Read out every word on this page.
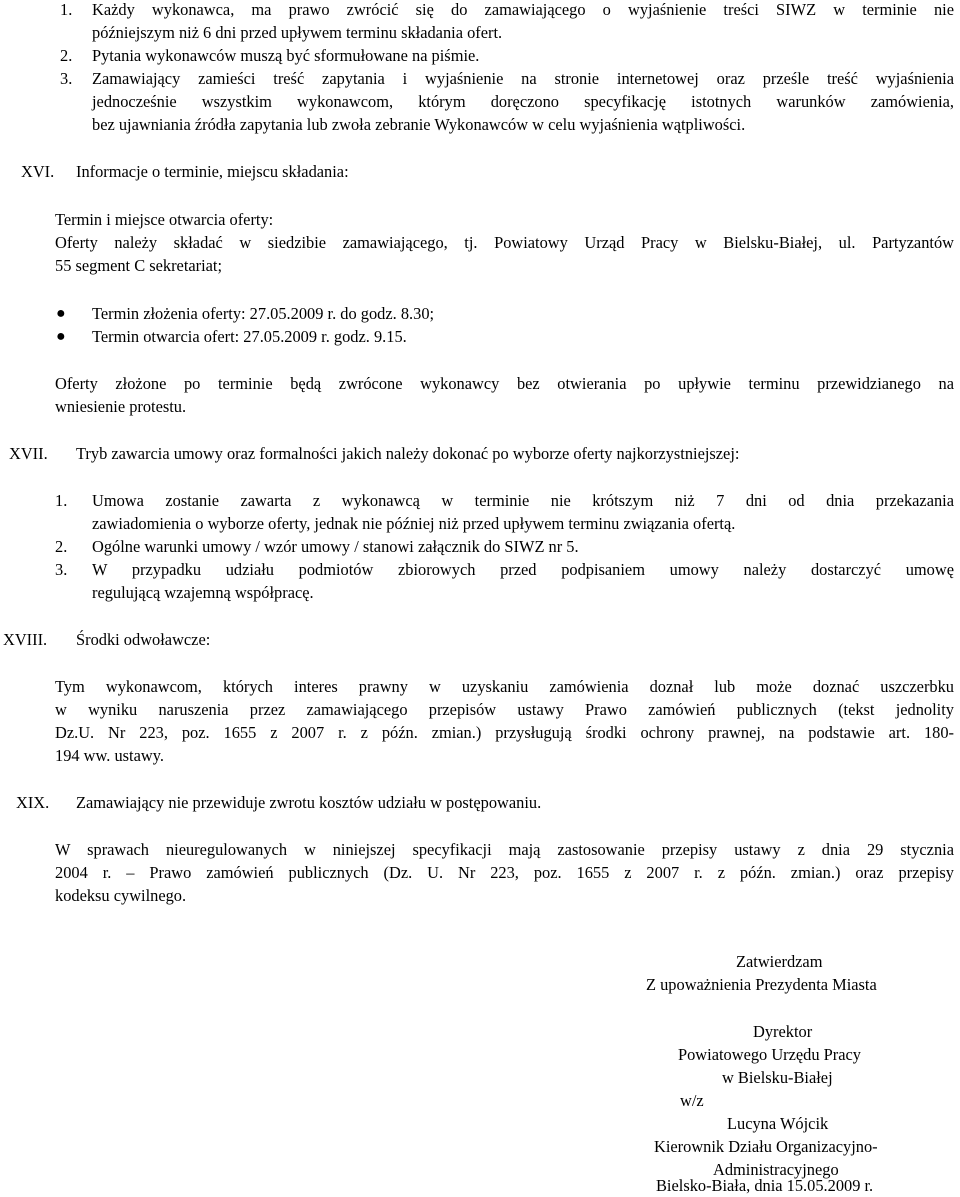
1. Każdy wykonawca, ma prawo zwrócić się do zamawiającego o wyjaśnienie treści SIWZ w terminie nie
późniejszym niż 6 dni przed upływem terminu składania ofert.
2. Pytania wykonawców muszą być sformułowane na piśmie.
3. Zamawiający zamieści treść zapytania i wyjaśnienie na stronie internetowej oraz prześle treść wyjaśnienia
jednocześnie wszystkim wykonawcom, którym doręczono specyfikację istotnych warunków zamówienia,
bez ujawniania źródła zapytania lub zwoła zebranie Wykonawców w celu wyjaśnienia wątpliwości.
XVI. Informacje o terminie, miejscu składania:
Termin i miejsce otwarcia oferty:
Oferty należy składać w siedzibie zamawiającego, tj. Powiatowy Urząd Pracy w Bielsku-Białej, ul. Partyzantów
55 segment C sekretariat;
● Termin złożenia oferty: 27.05.2009 r. do godz. 8.30;
● Termin otwarcia ofert: 27.05.2009 r. godz. 9.15.
Oferty złożone po terminie będą zwrócone wykonawcy bez otwierania po upływie terminu przewidzianego na
wniesienie protestu.
XVII. Tryb zawarcia umowy oraz formalności jakich należy dokonać po wyborze oferty najkorzystniejszej:
1. Umowa zostanie zawarta z wykonawcą w terminie nie krótszym niż 7 dni od dnia przekazania
zawiadomienia o wyborze oferty, jednak nie później niż przed upływem terminu związania ofertą.
2. Ogólne warunki umowy / wzór umowy / stanowi załącznik do SIWZ nr 5.
3. W przypadku udziału podmiotów zbiorowych przed podpisaniem umowy należy dostarczyć umowę
regulującą wzajemną współpracę.
XVIII. Środki odwoławcze:
Tym wykonawcom, których interes prawny w uzyskaniu zamówienia doznał lub może doznać uszczerbku
w wyniku naruszenia przez zamawiającego przepisów ustawy Prawo zamówień publicznych (tekst jednolity
Dz.U. Nr 223, poz. 1655 z 2007 r. z późn. zmian.) przysługują środki ochrony prawnej, na podstawie art. 180-
194 ww. ustawy.
XIX. Zamawiający nie przewiduje zwrotu kosztów udziału w postępowaniu.
W sprawach nieuregulowanych w niniejszej specyfikacji mają zastosowanie przepisy ustawy z dnia 29 stycznia
2004 r. – Prawo zamówień publicznych (Dz. U. Nr 223, poz. 1655 z 2007 r. z późn. zmian.) oraz przepisy
kodeksu cywilnego.
Zatwierdzam
Z upoważnienia Prezydenta Miasta
Dyrektor
Powiatowego Urzędu Pracy
w Bielsku-Białej
w/z
Lucyna Wójcik
Kierownik Działu Organizacyjno-
Administracyjnego
Bielsko-Biała, dnia 15.05.2009 r.
